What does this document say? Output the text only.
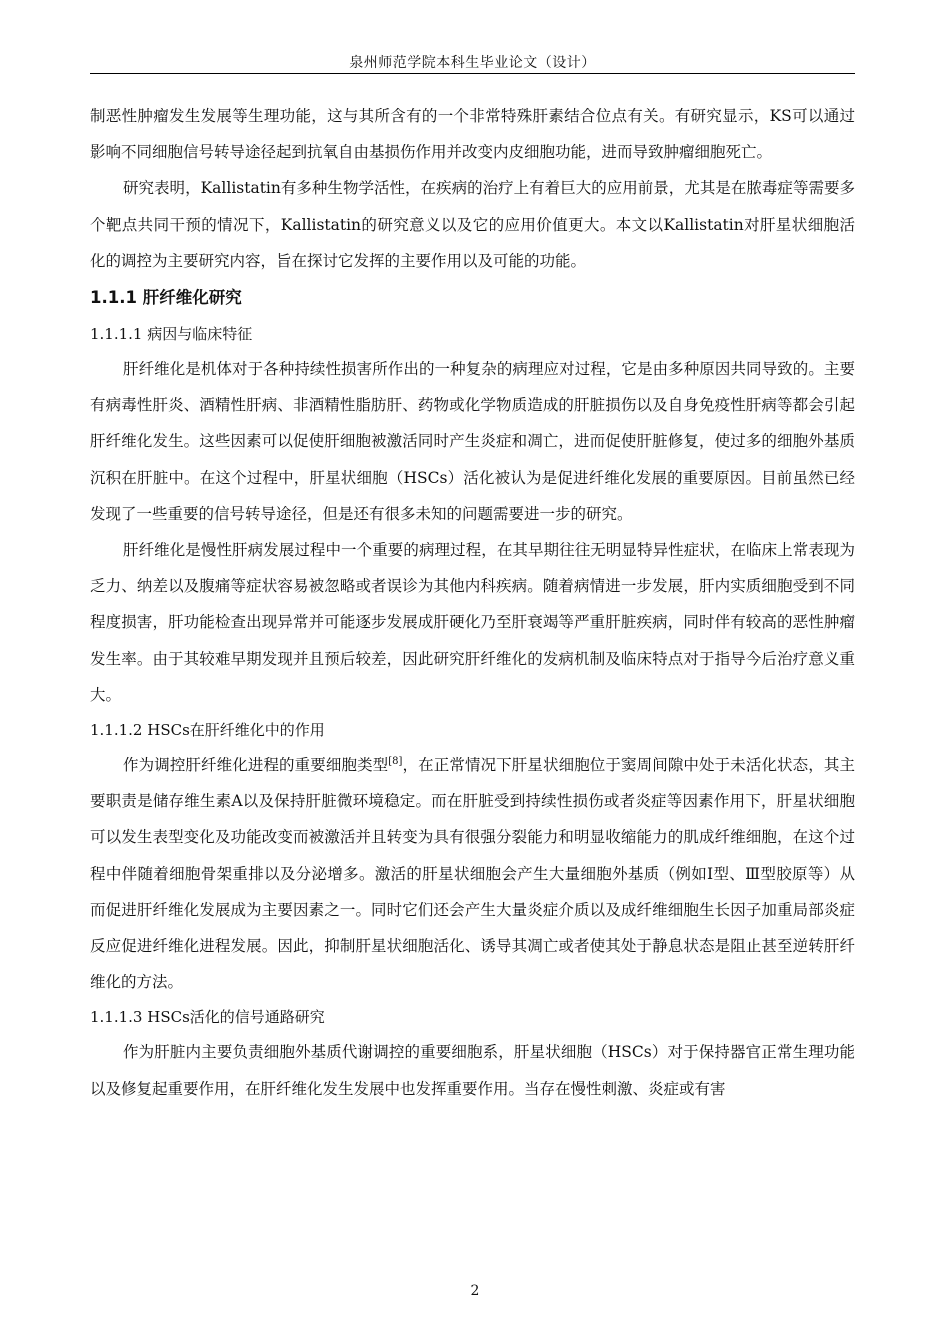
泉州师范学院本科生毕业论文（设计）

制恶性肿瘤发生发展等生理功能，这与其所含有的一个非常特殊肝素结合位点有关。有研究显示，KS可以通过影响不同细胞信号转导途径起到抗氧自由基损伤作用并改变内皮细胞功能，进而导致肿瘤细胞死亡。

研究表明，Kallistatin有多种生物学活性，在疾病的治疗上有着巨大的应用前景，尤其是在脓毒症等需要多个靶点共同干预的情况下，Kallistatin的研究意义以及它的应用价值更大。本文以Kallistatin对肝星状细胞活化的调控为主要研究内容，旨在探讨它发挥的主要作用以及可能的功能。

1.1.1 肝纤维化研究
1.1.1.1 病因与临床特征

肝纤维化是机体对于各种持续性损害所作出的一种复杂的病理应对过程，它是由多种原因共同导致的。主要有病毒性肝炎、酒精性肝病、非酒精性脂肪肝、药物或化学物质造成的肝脏损伤以及自身免疫性肝病等都会引起肝纤维化发生。这些因素可以促使肝细胞被激活同时产生炎症和凋亡，进而促使肝脏修复，使过多的细胞外基质沉积在肝脏中。在这个过程中，肝星状细胞（HSCs）活化被认为是促进纤维化发展的重要原因。目前虽然已经发现了一些重要的信号转导途径，但是还有很多未知的问题需要进一步的研究。

肝纤维化是慢性肝病发展过程中一个重要的病理过程，在其早期往往无明显特异性症状，在临床上常表现为乏力、纳差以及腹痛等症状容易被忽略或者误诊为其他内科疾病。随着病情进一步发展，肝内实质细胞受到不同程度损害，肝功能检查出现异常并可能逐步发展成肝硬化乃至肝衰竭等严重肝脏疾病，同时伴有较高的恶性肿瘤发生率。由于其较难早期发现并且预后较差，因此研究肝纤维化的发病机制及临床特点对于指导今后治疗意义重大。

1.1.1.2 HSCs在肝纤维化中的作用

作为调控肝纤维化进程的重要细胞类型[8]，在正常情况下肝星状细胞位于窦周间隙中处于未活化状态，其主要职责是储存维生素A以及保持肝脏微环境稳定。而在肝脏受到持续性损伤或者炎症等因素作用下，肝星状细胞可以发生表型变化及功能改变而被激活并且转变为具有很强分裂能力和明显收缩能力的肌成纤维细胞，在这个过程中伴随着细胞骨架重排以及分泌增多。激活的肝星状细胞会产生大量细胞外基质（例如Ⅰ型、Ⅲ型胶原等）从而促进肝纤维化发展成为主要因素之一。同时它们还会产生大量炎症介质以及成纤维细胞生长因子加重局部炎症反应促进纤维化进程发展。因此，抑制肝星状细胞活化、诱导其凋亡或者使其处于静息状态是阻止甚至逆转肝纤维化的方法。

1.1.1.3 HSCs活化的信号通路研究

作为肝脏内主要负责细胞外基质代谢调控的重要细胞系，肝星状细胞（HSCs）对于保持器官正常生理功能以及修复起重要作用，在肝纤维化发生发展中也发挥重要作用。当存在慢性刺激、炎症或有害

2
